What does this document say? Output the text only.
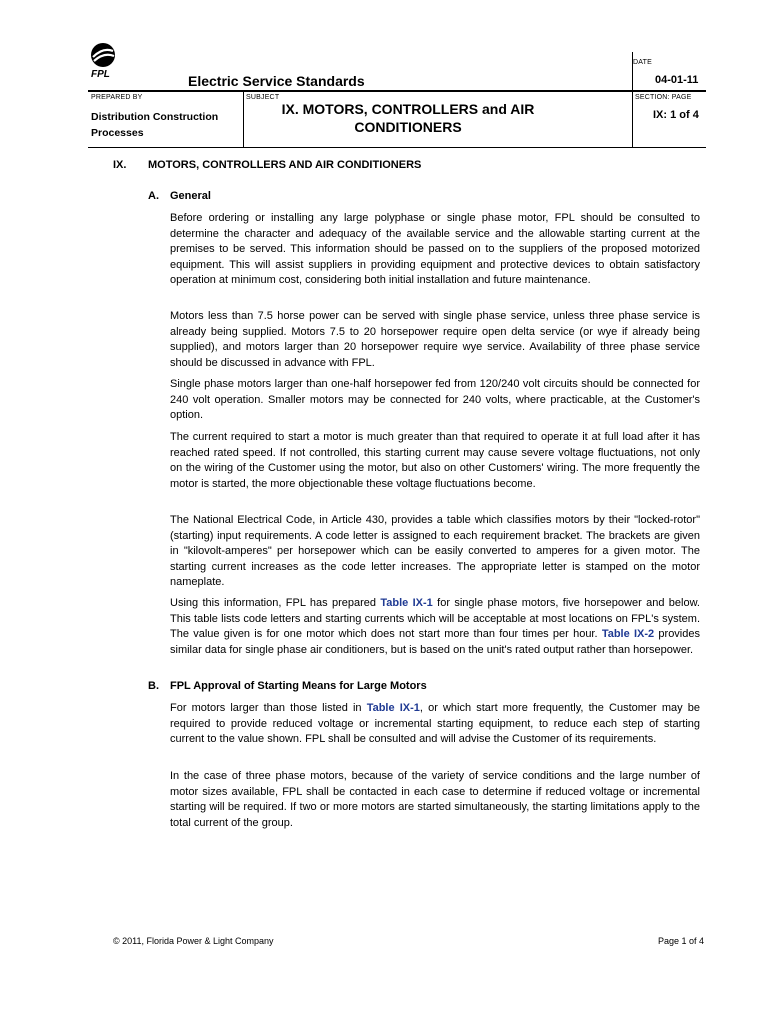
FPL	Electric Service Standards
DATE
04-01-11
PREPARED BY
Distribution Construction Processes
SUBJECT
IX. MOTORS, CONTROLLERS and AIR CONDITIONERS
SECTION: PAGE
IX: 1 of 4
IX. MOTORS, CONTROLLERS AND AIR CONDITIONERS
A. General

Before ordering or installing any large polyphase or single phase motor, FPL should be consulted to determine the character and adequacy of the available service and the allowable starting current at the premises to be served. This information should be passed on to the suppliers of the proposed motorized equipment. This will assist suppliers in providing equipment and protective devices to obtain satisfactory operation at minimum cost, considering both initial installation and future maintenance.

Motors less than 7.5 horse power can be served with single phase service, unless three phase service is already being supplied. Motors 7.5 to 20 horsepower require open delta service (or wye if already being supplied), and motors larger than 20 horsepower require wye service. Availability of three phase service should be discussed in advance with FPL.

Single phase motors larger than one-half horsepower fed from 120/240 volt circuits should be connected for 240 volt operation. Smaller motors may be connected for 240 volts, where practicable, at the Customer's option.

The current required to start a motor is much greater than that required to operate it at full load after it has reached rated speed. If not controlled, this starting current may cause severe voltage fluctuations, not only on the wiring of the Customer using the motor, but also on other Customers' wiring. The more frequently the motor is started, the more objectionable these voltage fluctuations become.

The National Electrical Code, in Article 430, provides a table which classifies motors by their "locked-rotor" (starting) input requirements. A code letter is assigned to each requirement bracket. The brackets are given in "kilovolt-amperes" per horsepower which can be easily converted to amperes for a given motor. The starting current increases as the code letter increases. The appropriate letter is stamped on the motor nameplate.

Using this information, FPL has prepared Table IX-1 for single phase motors, five horsepower and below. This table lists code letters and starting currents which will be acceptable at most locations on FPL's system. The value given is for one motor which does not start more than four times per hour. Table IX-2 provides similar data for single phase air conditioners, but is based on the unit's rated output rather than horsepower.

B. FPL Approval of Starting Means for Large Motors

For motors larger than those listed in Table IX-1, or which start more frequently, the Customer may be required to provide reduced voltage or incremental starting equipment, to reduce each step of starting current to the value shown. FPL shall be consulted and will advise the Customer of its requirements.

In the case of three phase motors, because of the variety of service conditions and the large number of motor sizes available, FPL shall be contacted in each case to determine if reduced voltage or incremental starting will be required. If two or more motors are started simultaneously, the starting limitations apply to the total current of the group.

© 2011, Florida Power & Light Company	Page 1 of 4
